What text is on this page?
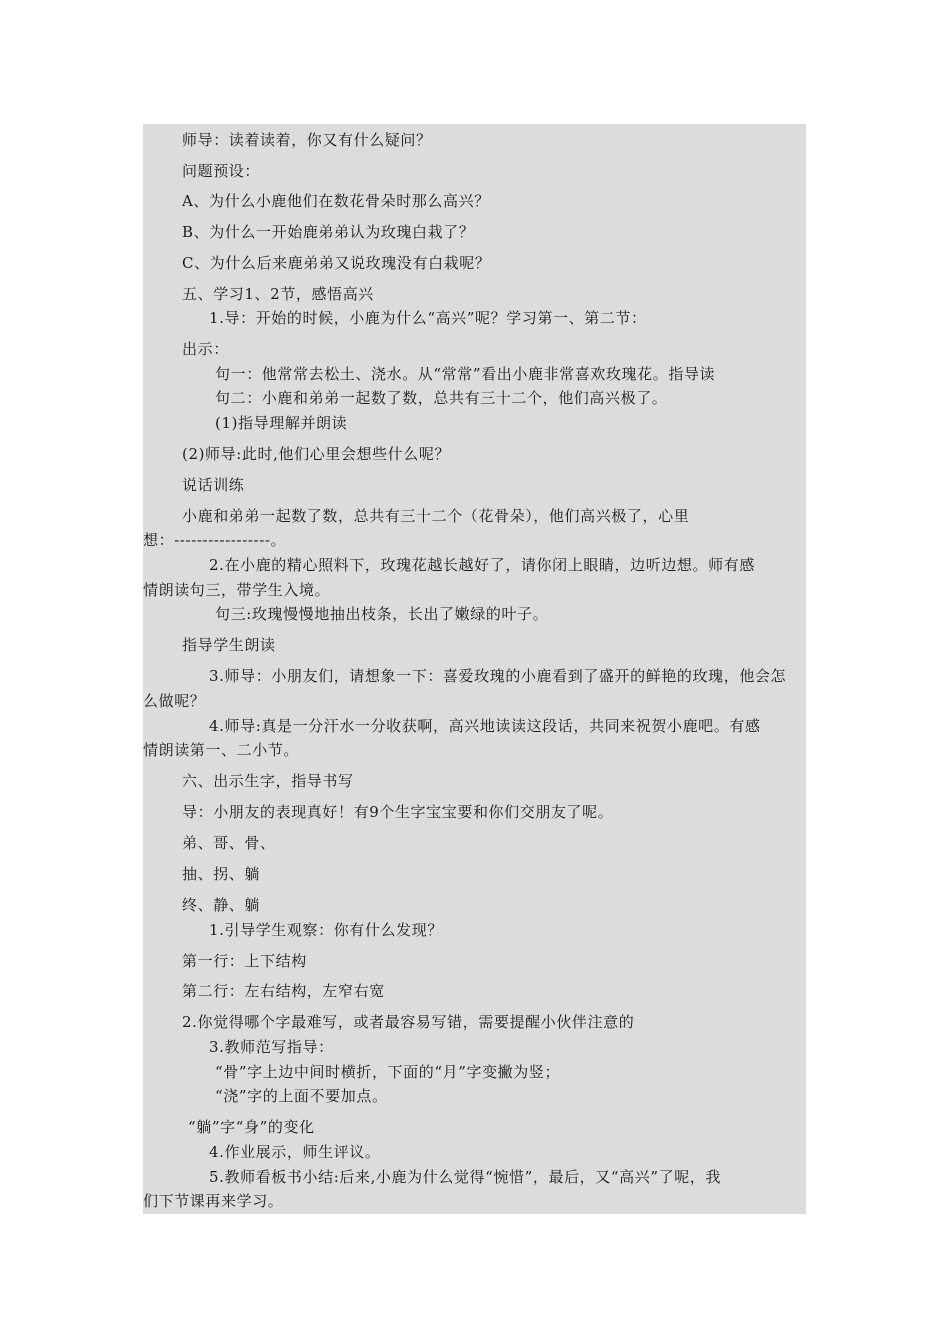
师导：读着读着，你又有什么疑问？
问题预设：
A、为什么小鹿他们在数花骨朵时那么高兴？
B、为什么一开始鹿弟弟认为玫瑰白栽了？
C、为什么后来鹿弟弟又说玫瑰没有白栽呢？
五、学习1、2节，感悟高兴
1.导：开始的时候，小鹿为什么“高兴”呢？学习第一、第二节：
出示：
句一：他常常去松土、浇水。从“常常”看出小鹿非常喜欢玫瑰花。指导读
句二：小鹿和弟弟一起数了数，总共有三十二个，他们高兴极了。
(1)指导理解并朗读
(2)师导:此时,他们心里会想些什么呢？
说话训练
小鹿和弟弟一起数了数，总共有三十二个（花骨朵），他们高兴极了，心里
想：-----------------。
2.在小鹿的精心照料下，玫瑰花越长越好了，请你闭上眼睛，边听边想。师有感
情朗读句三，带学生入境。
句三:玫瑰慢慢地抽出枝条，长出了嫩绿的叶子。
指导学生朗读
3.师导：小朋友们，请想象一下：喜爱玫瑰的小鹿看到了盛开的鲜艳的玫瑰，他会怎
么做呢？
4.师导:真是一分汗水一分收获啊，高兴地读读这段话，共同来祝贺小鹿吧。有感
情朗读第一、二小节。
六、出示生字，指导书写
导：小朋友的表现真好！有9个生字宝宝要和你们交朋友了呢。
弟、哥、骨、
抽、拐、躺
终、静、躺
1.引导学生观察：你有什么发现？
第一行：上下结构
第二行：左右结构，左窄右宽
2.你觉得哪个字最难写，或者最容易写错，需要提醒小伙伴注意的
3.教师范写指导：
“骨”字上边中间时横折，下面的“月”字变撇为竖；
“浇”字的上面不要加点。
“躺”字“身”的变化
4.作业展示，师生评议。
5.教师看板书小结:后来,小鹿为什么觉得“惋惜”，最后，又“高兴”了呢，我
们下节课再来学习。
